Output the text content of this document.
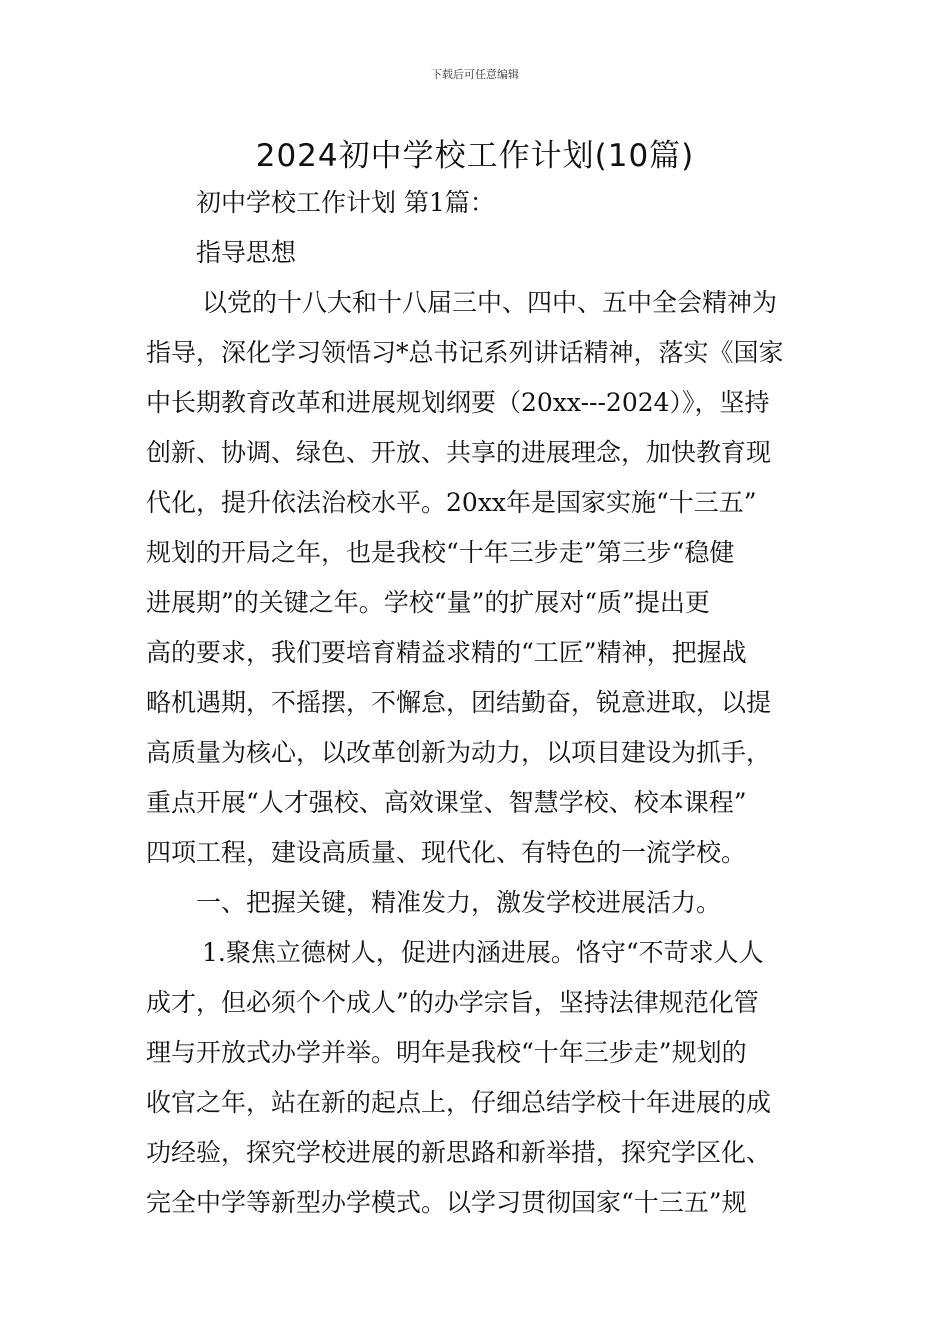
下载后可任意编辑
2024初中学校工作计划(10篇)

初中学校工作计划 第1篇：

指导思想

以党的十八大和十八届三中、四中、五中全会精神为

指导，深化学习领悟习*总书记系列讲话精神，落实《国家

中长期教育改革和进展规划纲要（20xx---2024）》，坚持

创新、协调、绿色、开放、共享的进展理念，加快教育现

代化，提升依法治校水平。20xx年是国家实施“十三五”

规划的开局之年，也是我校“十年三步走”第三步“稳健

进展期”的关键之年。学校“量”的扩展对“质”提出更

高的要求，我们要培育精益求精的“工匠”精神，把握战

略机遇期，不摇摆，不懈怠，团结勤奋，锐意进取，以提

高质量为核心，以改革创新为动力，以项目建设为抓手，

重点开展“人才强校、高效课堂、智慧学校、校本课程”

四项工程，建设高质量、现代化、有特色的一流学校。

一、把握关键，精准发力，激发学校进展活力。

1.聚焦立德树人，促进内涵进展。恪守“不苛求人人

成才，但必须个个成人”的办学宗旨，坚持法律规范化管

理与开放式办学并举。明年是我校“十年三步走”规划的

收官之年，站在新的起点上，仔细总结学校十年进展的成

功经验，探究学校进展的新思路和新举措，探究学区化、

完全中学等新型办学模式。以学习贯彻国家“十三五”规
